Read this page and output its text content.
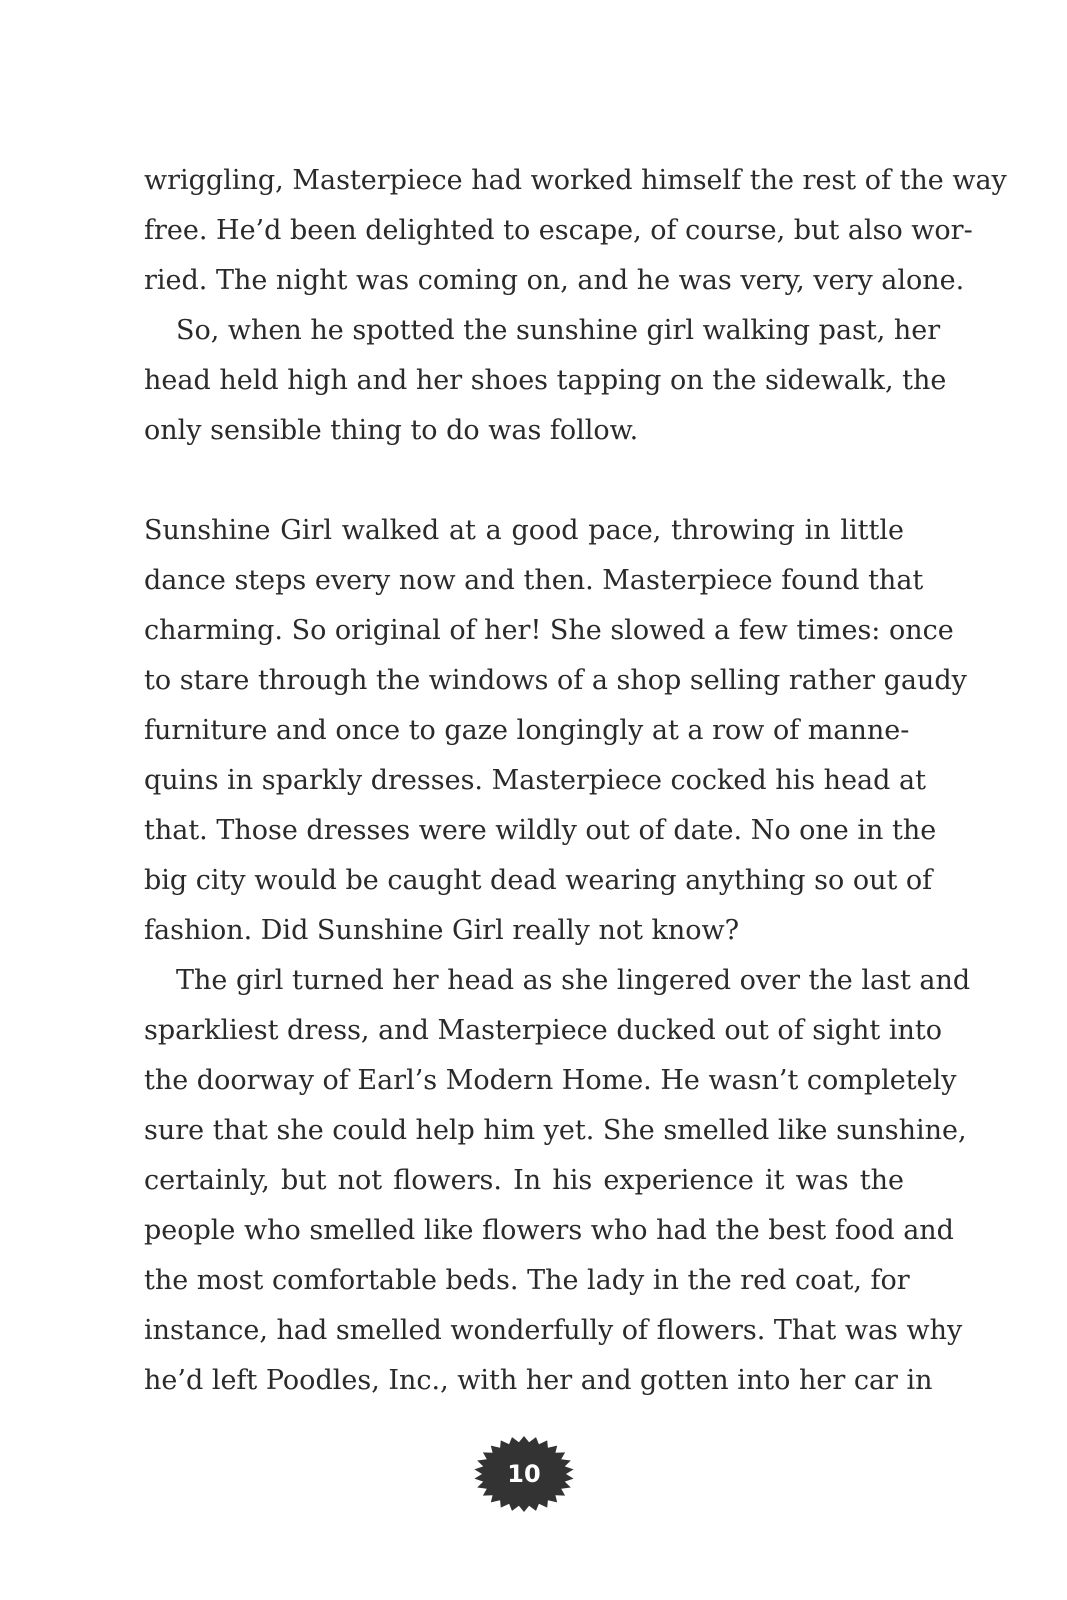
wriggling, Masterpiece had worked himself the rest of the way
free. He’d been delighted to escape, of course, but also wor-
ried. The night was coming on, and he was very, very alone.
So, when he spotted the sunshine girl walking past, her
head held high and her shoes tapping on the sidewalk, the
only sensible thing to do was follow.
Sunshine Girl walked at a good pace, throwing in little
dance steps every now and then. Masterpiece found that
charming. So original of her! She slowed a few times: once
to stare through the windows of a shop selling rather gaudy
furniture and once to gaze longingly at a row of manne-
quins in sparkly dresses. Masterpiece cocked his head at
that. Those dresses were wildly out of date. No one in the
big city would be caught dead wearing anything so out of
fashion. Did Sunshine Girl really not know?
The girl turned her head as she lingered over the last and
sparkliest dress, and Masterpiece ducked out of sight into
the doorway of Earl’s Modern Home. He wasn’t completely
sure that she could help him yet. She smelled like sunshine,
certainly, but not flowers. In his experience it was the
people who smelled like flowers who had the best food and
the most comfortable beds. The lady in the red coat, for
instance, had smelled wonderfully of flowers. That was why
he’d left Poodles, Inc., with her and gotten into her car in
10
